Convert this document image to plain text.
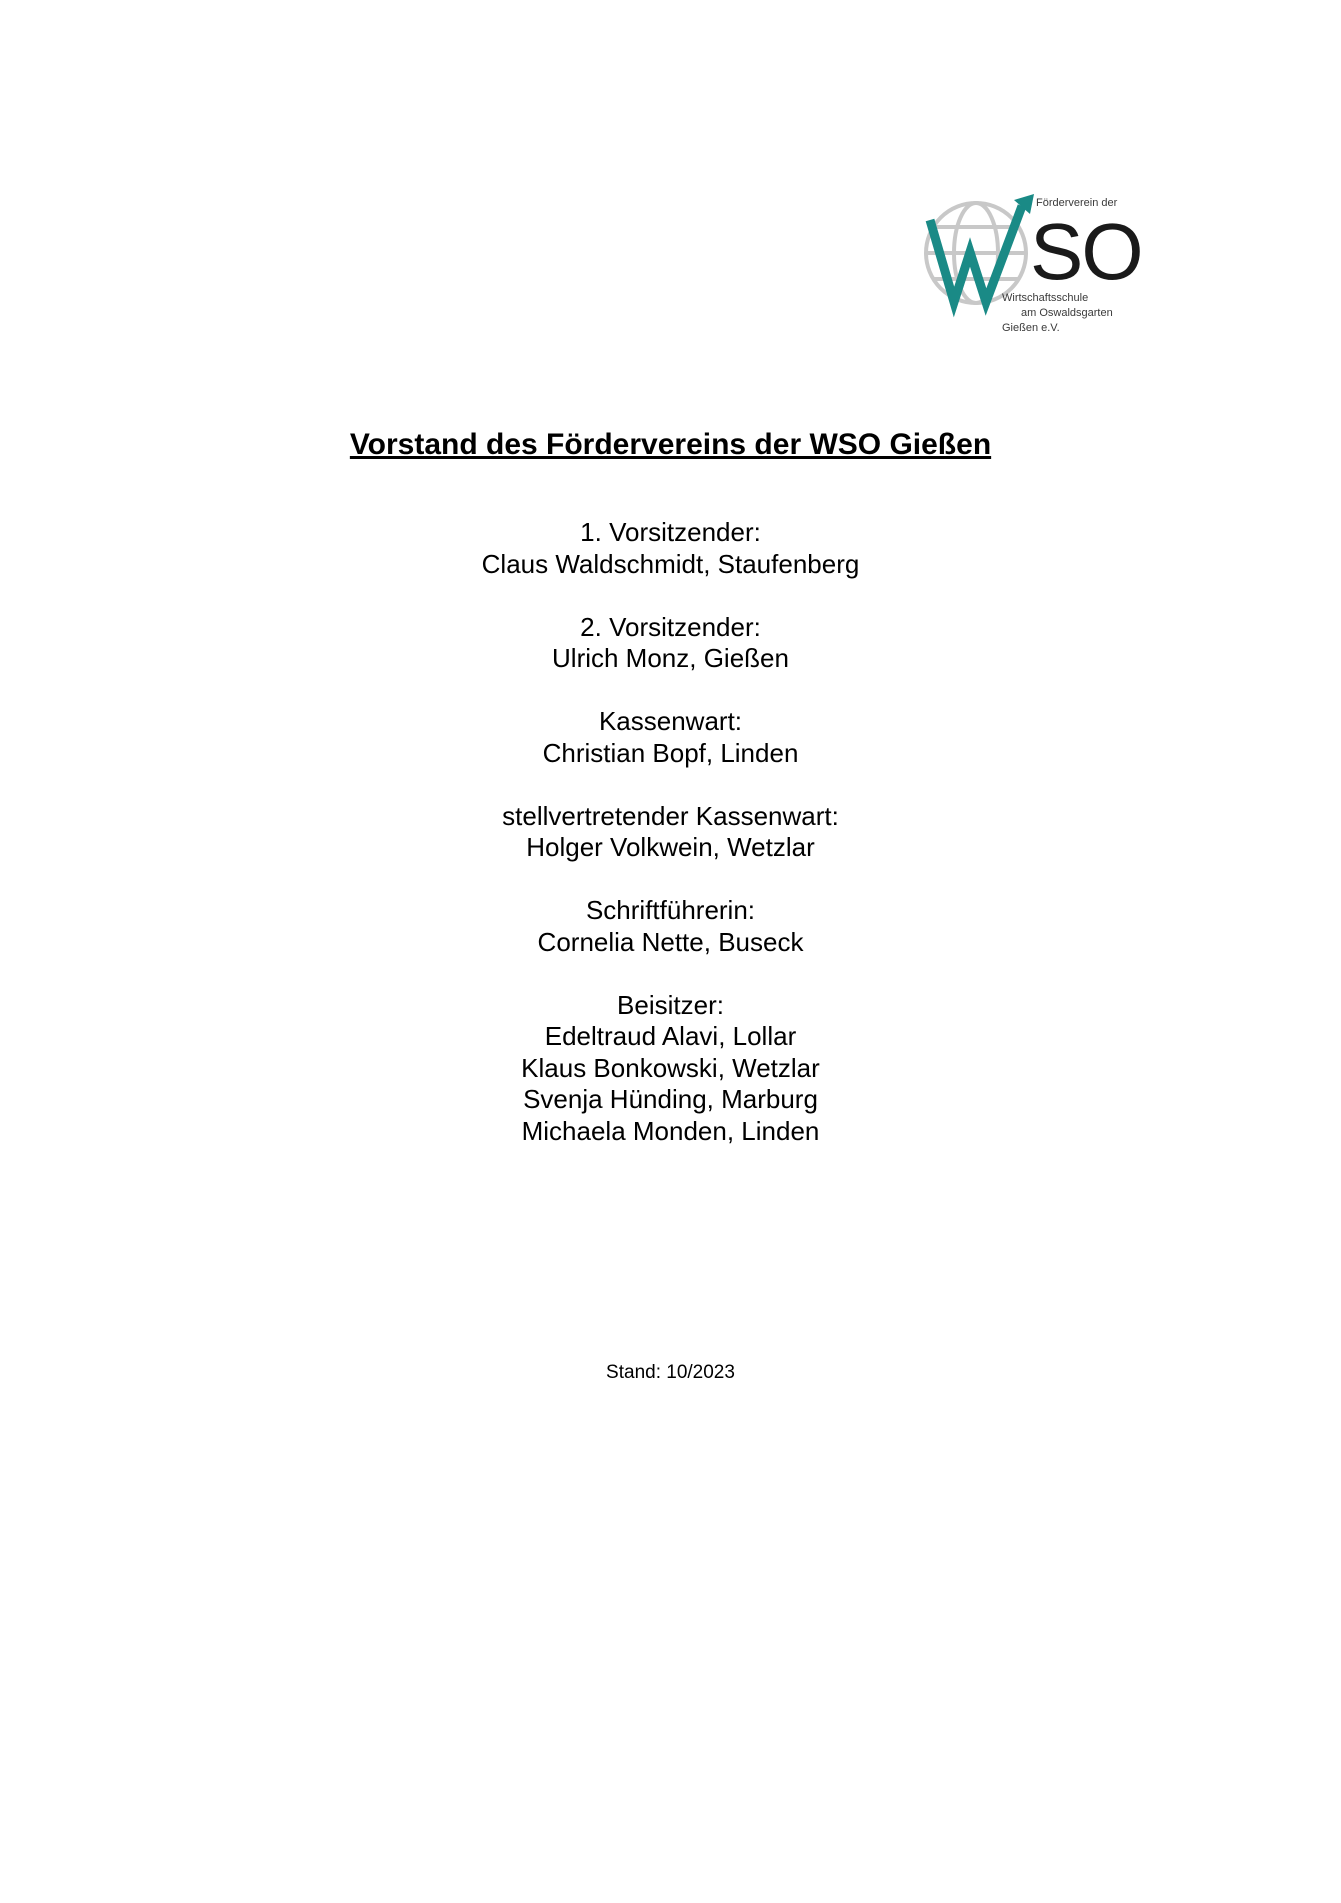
Förderverein der
Wirtschaftsschule
am Oswaldsgarten
Gießen e.V.
SO
Vorstand des Fördervereins der WSO Gießen
1. Vorsitzender:
Claus Waldschmidt, Staufenberg
2. Vorsitzender:
Ulrich Monz, Gießen
Kassenwart:
Christian Bopf, Linden
stellvertretender Kassenwart:
Holger Volkwein, Wetzlar
Schriftführerin:
Cornelia Nette, Buseck
Beisitzer:
Edeltraud Alavi, Lollar
Klaus Bonkowski, Wetzlar
Svenja Hünding, Marburg
Michaela Monden, Linden
Stand: 10/2023
